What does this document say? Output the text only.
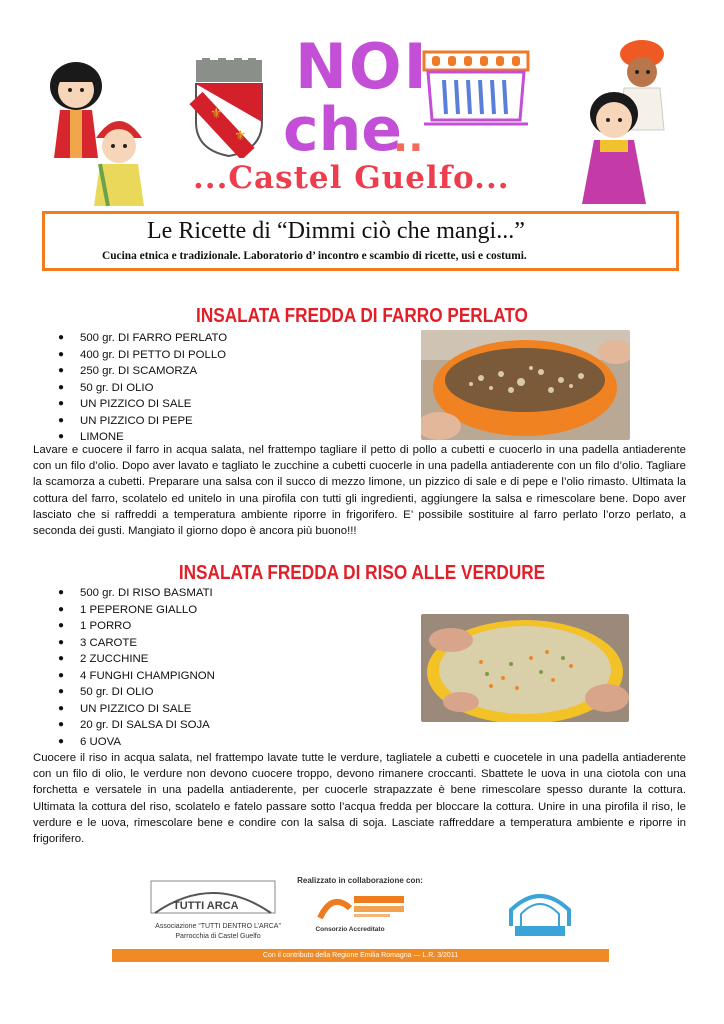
⚜
⚜
NOI
che
..
...Castel Guelfo...
Le Ricette di “Dimmi ciò che mangi...”
Cucina etnica e tradizionale. Laboratorio d’ incontro e scambio di ricette, usi e costumi.
INSALATA FREDDA DI FARRO PERLATO
● 500 gr. DI FARRO PERLATO
● 400 gr. DI PETTO DI POLLO
● 250 gr. DI SCAMORZA
● 50 gr. DI OLIO
● UN PIZZICO DI SALE
● UN PIZZICO DI PEPE
● LIMONE
Lavare e cuocere il farro in acqua salata, nel frattempo tagliare il petto di pollo a cubetti e cuocerlo in una padella antiaderente con un filo d’olio. Dopo aver lavato e tagliato le zucchine a cubetti cuocerle in una padella antiaderente con un filo d’olio. Tagliare la scamorza a cubetti. Preparare una salsa con il succo di mezzo limone, un pizzico di sale e di pepe e l’olio rimasto. Ultimata la cottura del farro, scolatelo ed unitelo in una pirofila con tutti gli ingredienti, aggiungere la salsa e rimescolare bene. Dopo aver lasciato che si raffreddi a temperatura ambiente riporre in frigorifero. E’ possibile sostituire al farro perlato l’orzo perlato, a seconda dei gusti. Mangiato il giorno dopo è ancora più buono!!!
INSALATA FREDDA DI RISO ALLE VERDURE
● 500 gr. DI RISO BASMATI
● 1 PEPERONE GIALLO
● 1 PORRO
● 3 CAROTE
● 2 ZUCCHINE
● 4 FUNGHI CHAMPIGNON
● 50 gr. DI OLIO
● UN PIZZICO DI SALE
● 20 gr. DI SALSA DI SOJA
● 6 UOVA
Cuocere il riso in acqua salata, nel frattempo lavate tutte le verdure, tagliatele a cubetti e cuocetele in una padella antiaderente con un filo di olio, le verdure non devono cuocere troppo, devono rimanere croccanti. Sbattete le uova in una ciotola con una forchetta e versatele in una padella antiaderente, per cuocerle strapazzate è bene rimescolare spesso durante la cottura. Ultimata la cottura del riso, scolatelo e fatelo passare sotto l’acqua fredda per bloccare la cottura. Unire in una pirofila il riso, le verdure e le uova, rimescolare bene e condire con la salsa di soja. Lasciate raffreddare a temperatura ambiente e riporre in frigorifero.
TUTTI ARCA
Associazione “TUTTI DENTRO L’ARCA”
Parrocchia di Castel Guelfo
Realizzato in collaborazione con:
Consorzio Accreditato
Con il contributo della Regione Emilia Romagna — L.R. 3/2011
